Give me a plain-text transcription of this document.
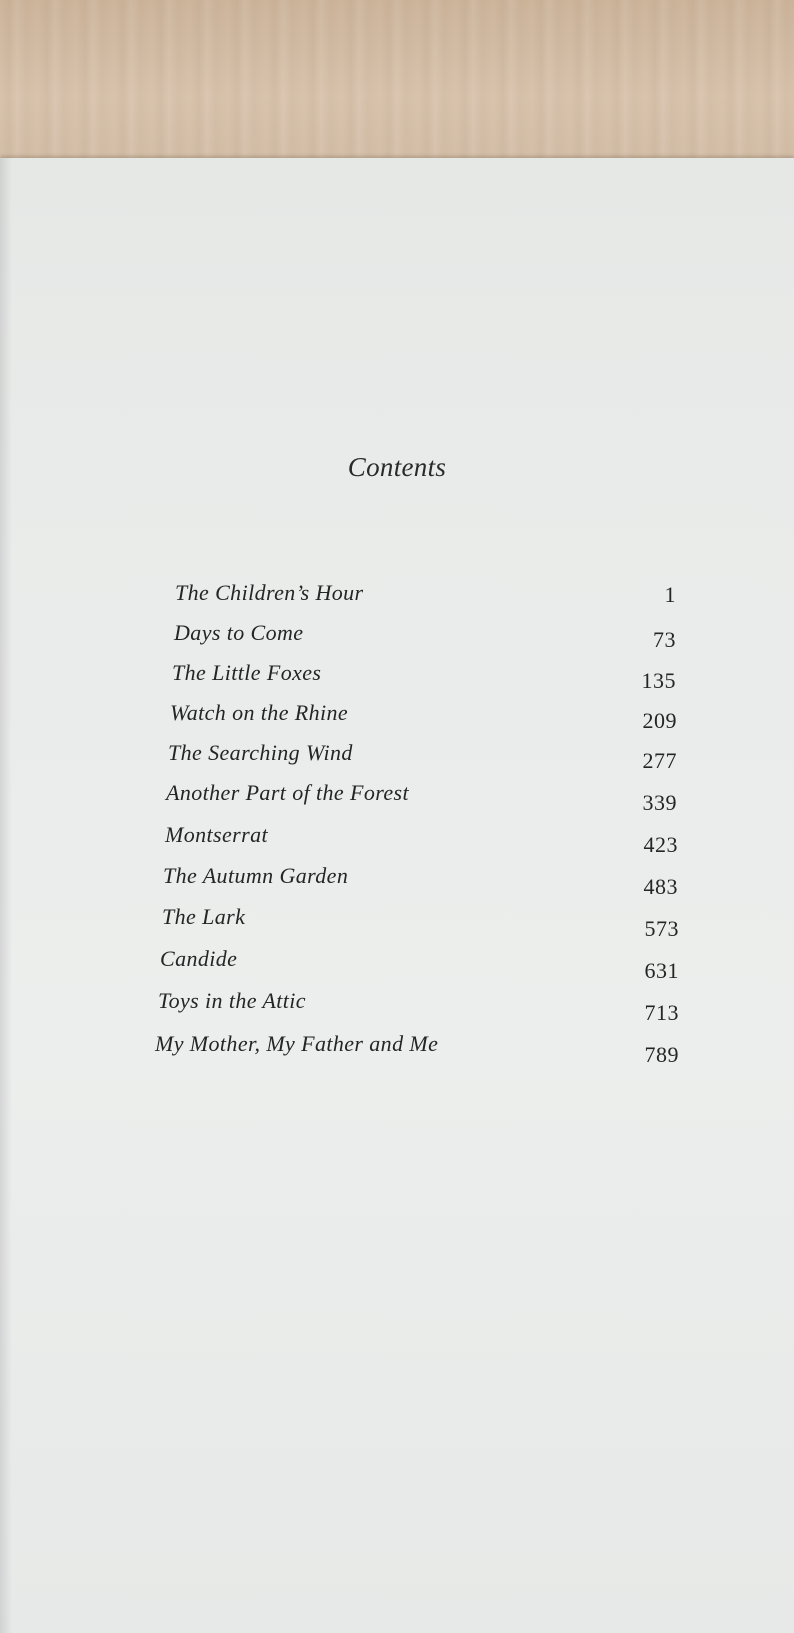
Contents
The Children’s Hour	1
Days to Come	73
The Little Foxes	135
Watch on the Rhine	209
The Searching Wind	277
Another Part of the Forest	339
Montserrat	423
The Autumn Garden	483
The Lark	573
Candide	631
Toys in the Attic	713
My Mother, My Father and Me	789
